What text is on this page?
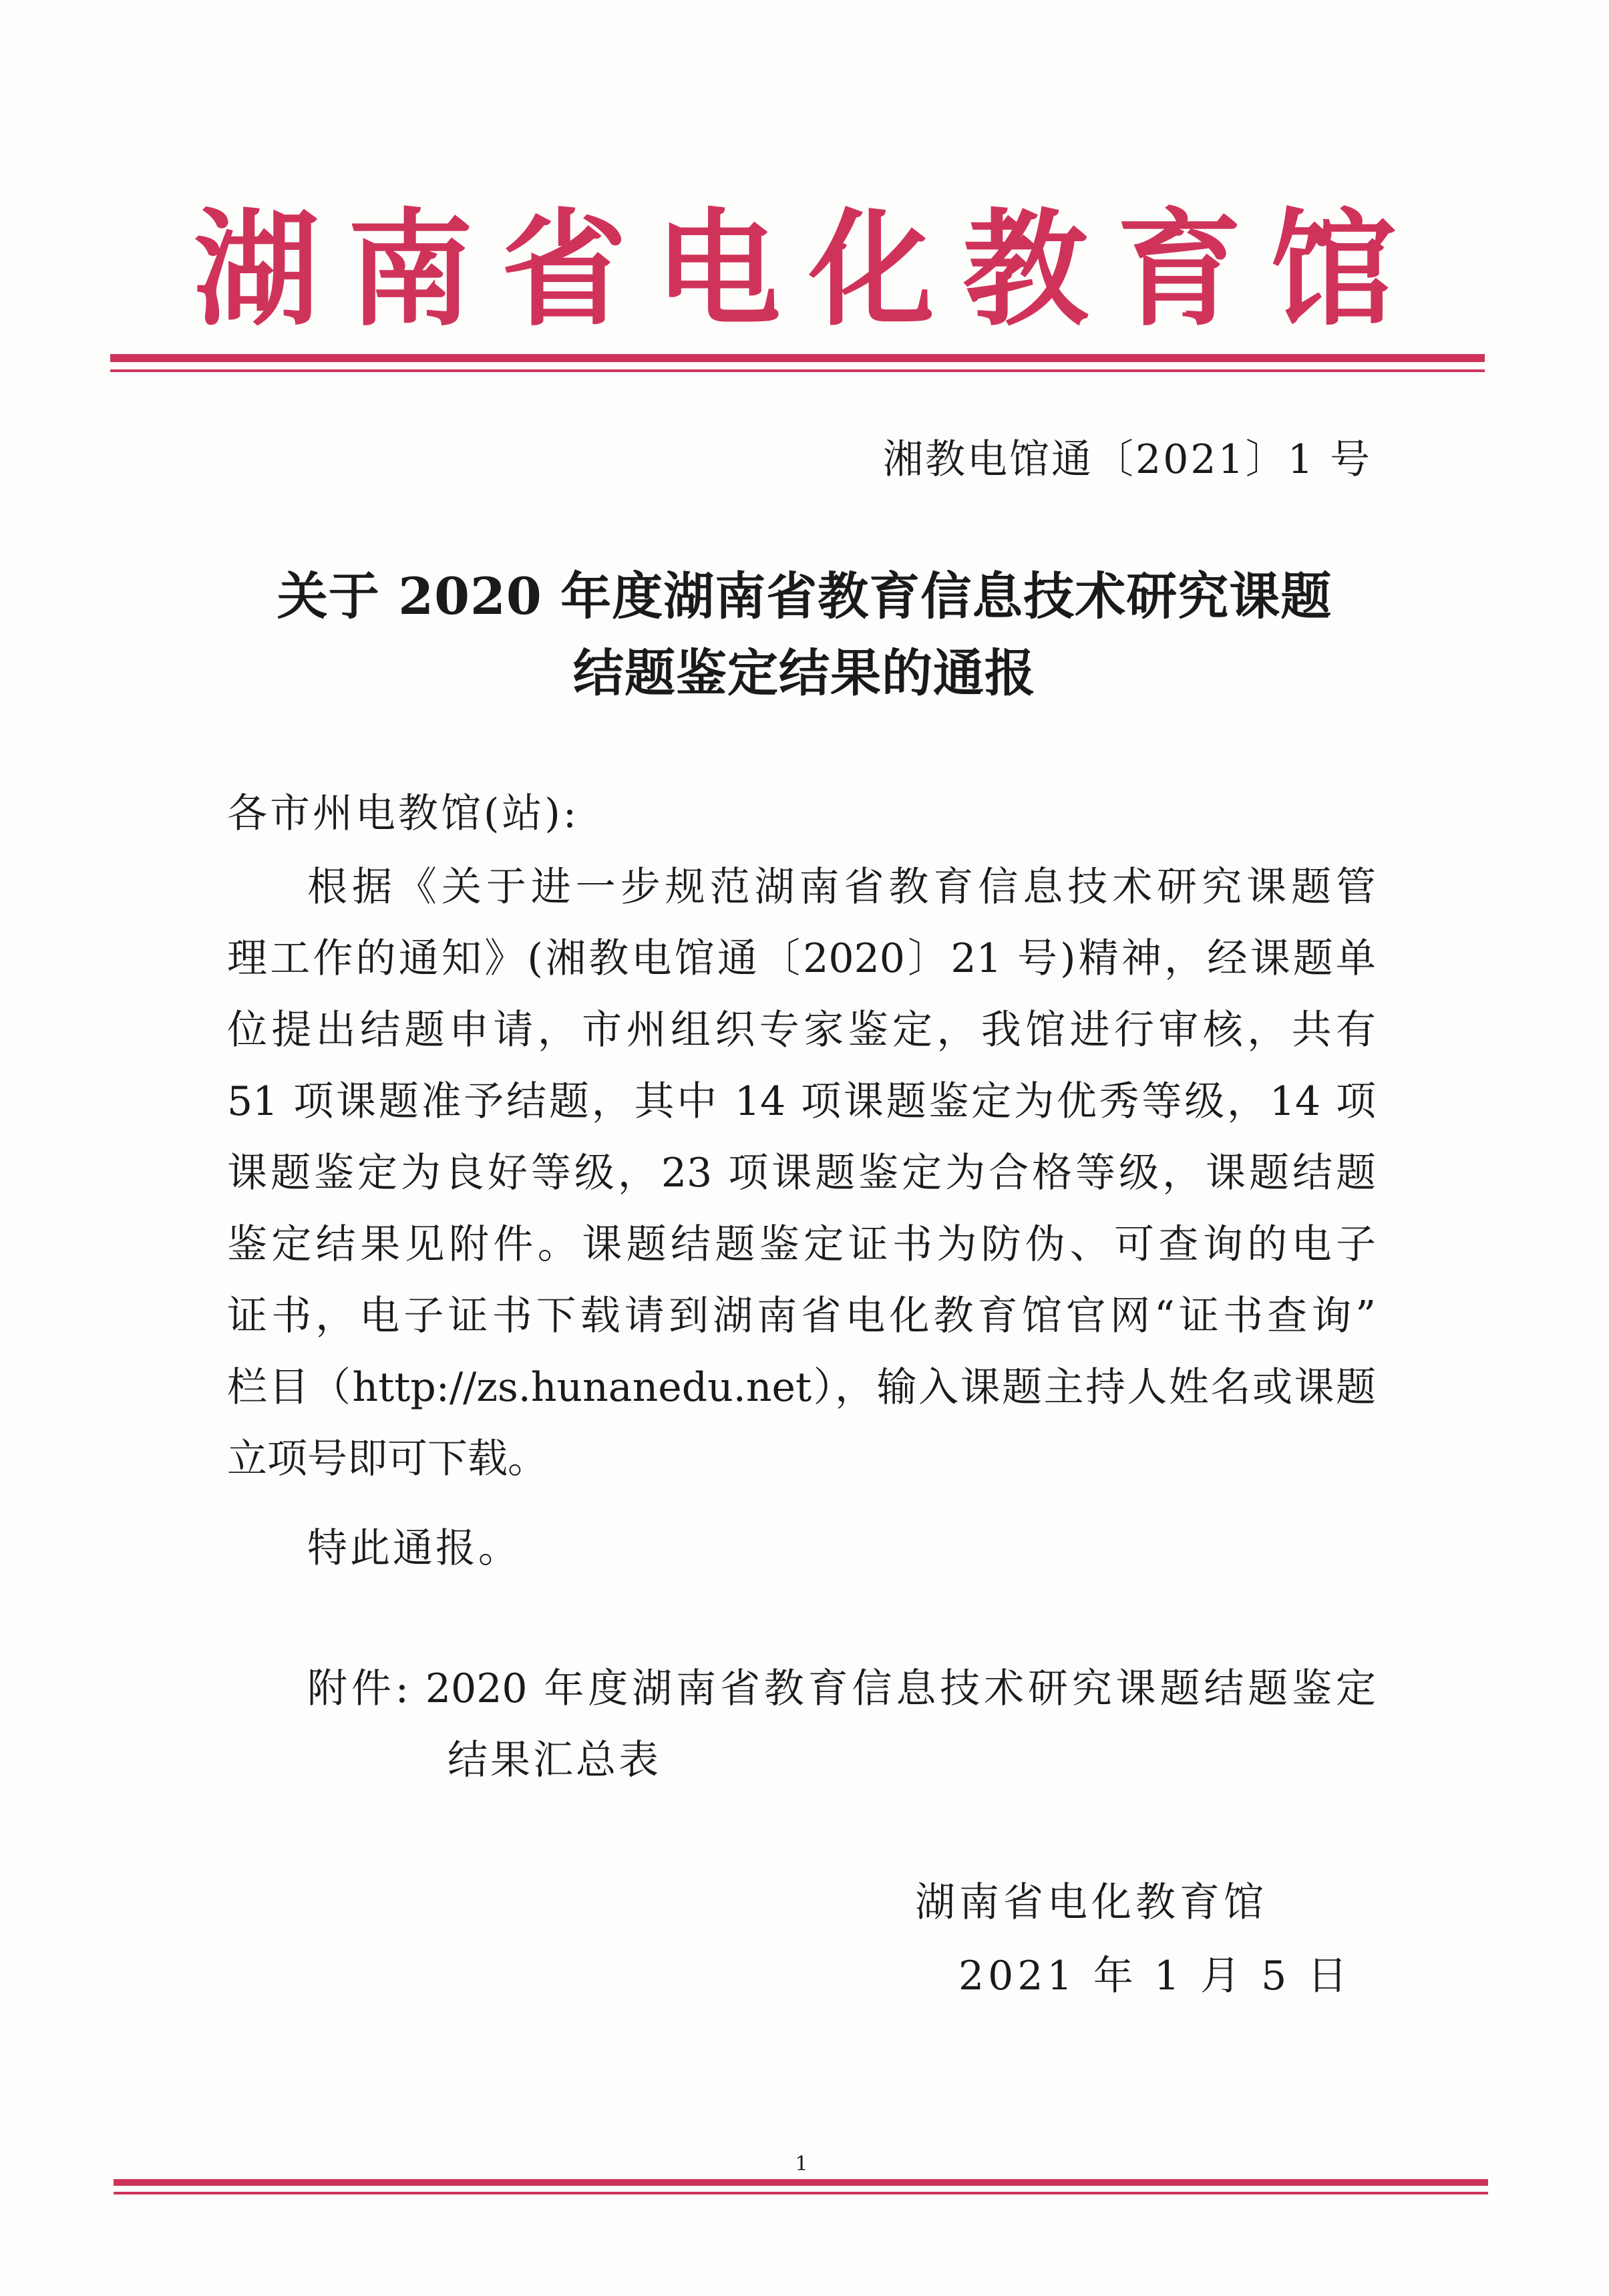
湖 南 省 电 化 教 育 馆
湘教电馆通〔2021〕1 号
关于 2020 年度湖南省教育信息技术研究课题
结题鉴定结果的通报
各市州电教馆(站):
根据《关于进一步规范湖南省教育信息技术研究课题管
理工作的通知》(湘教电馆通〔2020〕21 号)精神，经课题单
位提出结题申请，市州组织专家鉴定，我馆进行审核，共有
51 项课题准予结题，其中 14 项课题鉴定为优秀等级，14 项
课题鉴定为良好等级，23 项课题鉴定为合格等级，课题结题
鉴定结果见附件。课题结题鉴定证书为防伪、可查询的电子
证书，电子证书下载请到湖南省电化教育馆官网“证书查询”
栏目（http://zs.hunanedu.net），输入课题主持人姓名或课题
立项号即可下载。
特此通报。
附件: 2020 年度湖南省教育信息技术研究课题结题鉴定
结果汇总表
湖南省电化教育馆
2021 年 1 月 5 日
1
